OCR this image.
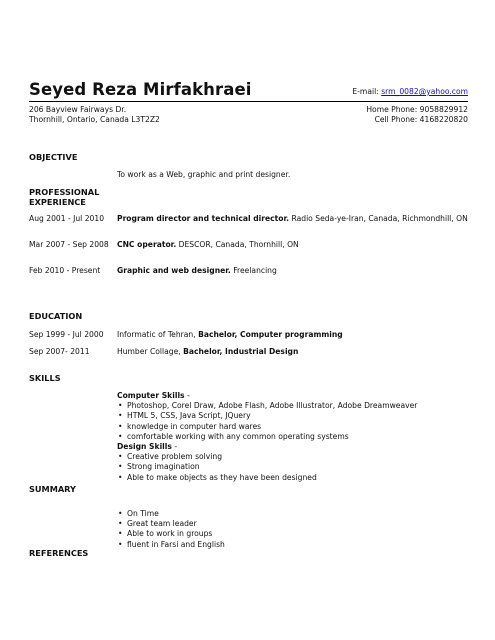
Seyed Reza Mirfakhraei	E-mail: srm_0082@yahoo.com
206 Bayview Fairways Dr.
Thornhill, Ontario, Canada L3T2Z2
Home Phone: 9058829912
Cell Phone: 4168220820
OBJECTIVE
To work as a Web, graphic and print designer.
PROFESSIONAL
EXPERIENCE
Aug 2001 - Jul 2010 Program director and technical director. Radio Seda-ye-Iran, Canada, Richmondhill, ON
Mar 2007 - Sep 2008 CNC operator. DESCOR, Canada, Thornhill, ON
Feb 2010 - Present Graphic and web designer. Freelancing
EDUCATION
Sep 1999 - Jul 2000 Informatic of Tehran, Bachelor, Computer programming
Sep 2007- 2011	Humber Collage, Bachelor, Industrial Design
SKILLS
Computer Skills -
• Photoshop, Corel Draw, Adobe Flash, Adobe Illustrator, Adobe Dreamweaver
• HTML 5, CSS, Java Script, JQuery
• knowledge in computer hard wares
• comfortable working with any common operating systems
Design Skills -
• Creative problem solving
• Strong imagination
• Able to make objects as they have been designed
SUMMARY
• On Time
• Great team leader
• Able to work in groups
• fluent in Farsi and English
REFERENCES
